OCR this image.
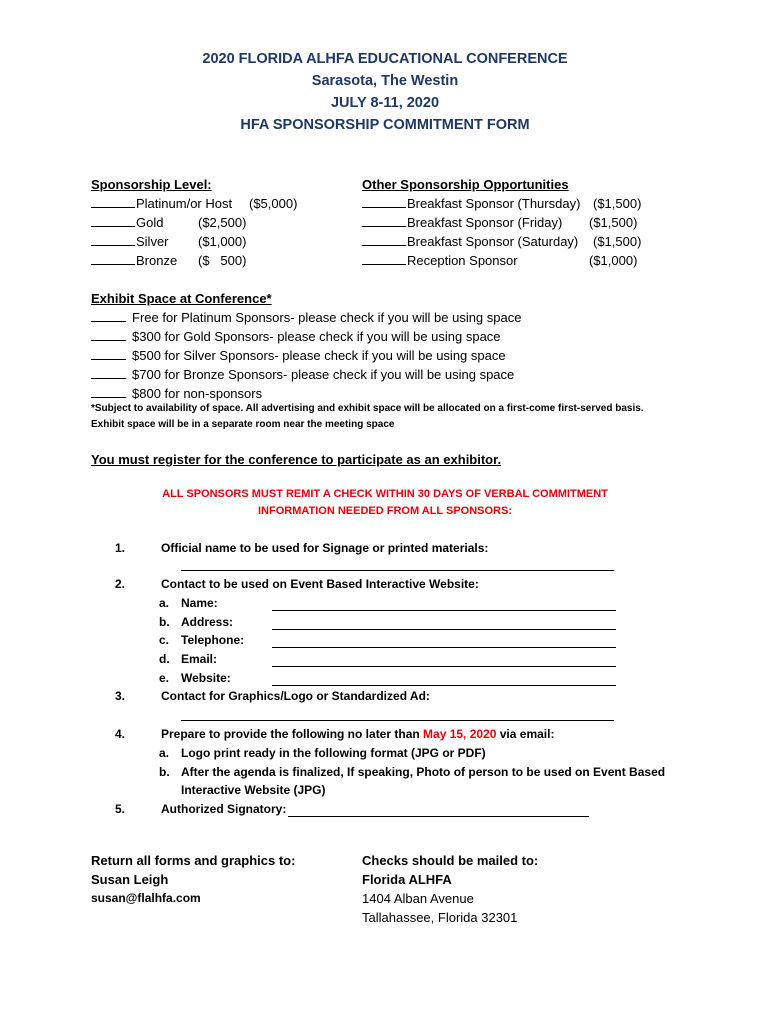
2020 FLORIDA ALHFA EDUCATIONAL CONFERENCE
Sarasota, The Westin
JULY 8-11, 2020
HFA SPONSORSHIP COMMITMENT FORM
Sponsorship Level:
Platinum/or Host ($5,000)
Gold	($2,500)
Silver ($1,000)
Bronze ($   500)
Other Sponsorship Opportunities
Breakfast Sponsor (Thursday) ($1,500)
Breakfast Sponsor (Friday) ($1,500)
Breakfast Sponsor (Saturday) ($1,500)
Reception Sponsor	($1,000)
Exhibit Space at Conference*
Free for Platinum Sponsors- please check if you will be using space
$300 for Gold Sponsors- please check if you will be using space
$500 for Silver Sponsors- please check if you will be using space
$700 for Bronze Sponsors- please check if you will be using space
$800 for non-sponsors
*Subject to availability of space. All advertising and exhibit space will be allocated on a first-come first-served basis.
Exhibit space will be in a separate room near the meeting space
You must register for the conference to participate as an exhibitor.
ALL SPONSORS MUST REMIT A CHECK WITHIN 30 DAYS OF VERBAL COMMITMENT
INFORMATION NEEDED FROM ALL SPONSORS:
1.	Official name to be used for Signage or printed materials:
2.	Contact to be used on Event Based Interactive Website:
a. Name:
b. Address:
c. Telephone:
d. Email:
e. Website:
3.	Contact for Graphics/Logo or Standardized Ad:
4.	Prepare to provide the following no later than May 15, 2020 via email:
a. Logo print ready in the following format (JPG or PDF)
b. After the agenda is finalized, If speaking, Photo of person to be used on Event Based
Interactive Website (JPG)
5.	Authorized Signatory:
Return all forms and graphics to:
Susan Leigh
susan@flalhfa.com
Checks should be mailed to:
Florida ALHFA
1404 Alban Avenue
Tallahassee, Florida 32301
